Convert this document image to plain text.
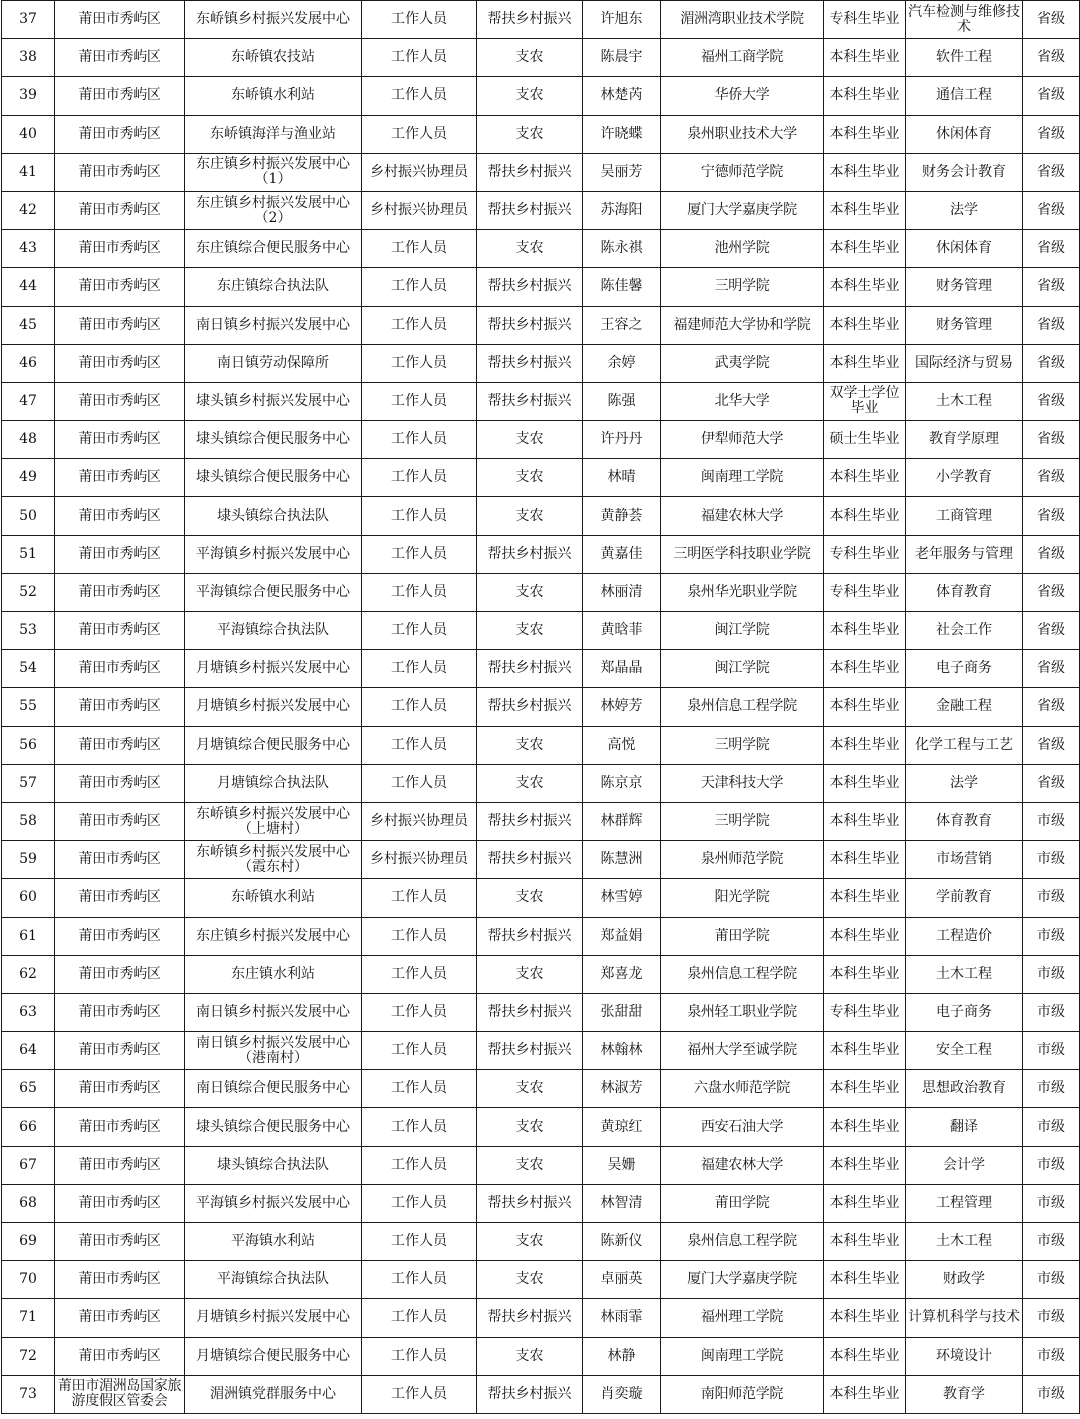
37	莆田市秀屿区	东峤镇乡村振兴发展中心	工作人员	帮扶乡村振兴	许旭东	湄洲湾职业技术学院	专科生毕业	汽车检测与维修技术	省级
38	莆田市秀屿区	东峤镇农技站	工作人员	支农	陈晨宇	福州工商学院	本科生毕业	软件工程	省级
39	莆田市秀屿区	东峤镇水利站	工作人员	支农	林楚芮	华侨大学	本科生毕业	通信工程	省级
40	莆田市秀屿区	东峤镇海洋与渔业站	工作人员	支农	许晓蝶	泉州职业技术大学	本科生毕业	休闲体育	省级
41	莆田市秀屿区	东庄镇乡村振兴发展中心（1）	乡村振兴协理员	帮扶乡村振兴	吴丽芳	宁德师范学院	本科生毕业	财务会计教育	省级
42	莆田市秀屿区	东庄镇乡村振兴发展中心（2）	乡村振兴协理员	帮扶乡村振兴	苏海阳	厦门大学嘉庚学院	本科生毕业	法学	省级
43	莆田市秀屿区	东庄镇综合便民服务中心	工作人员	支农	陈永祺	池州学院	本科生毕业	休闲体育	省级
44	莆田市秀屿区	东庄镇综合执法队	工作人员	帮扶乡村振兴	陈佳馨	三明学院	本科生毕业	财务管理	省级
45	莆田市秀屿区	南日镇乡村振兴发展中心	工作人员	帮扶乡村振兴	王容之	福建师范大学协和学院	本科生毕业	财务管理	省级
46	莆田市秀屿区	南日镇劳动保障所	工作人员	帮扶乡村振兴	余婷	武夷学院	本科生毕业	国际经济与贸易	省级
47	莆田市秀屿区	埭头镇乡村振兴发展中心	工作人员	帮扶乡村振兴	陈强	北华大学	双学士学位毕业	土木工程	省级
48	莆田市秀屿区	埭头镇综合便民服务中心	工作人员	支农	许丹丹	伊犁师范大学	硕士生毕业	教育学原理	省级
49	莆田市秀屿区	埭头镇综合便民服务中心	工作人员	支农	林晴	闽南理工学院	本科生毕业	小学教育	省级
50	莆田市秀屿区	埭头镇综合执法队	工作人员	支农	黄静荟	福建农林大学	本科生毕业	工商管理	省级
51	莆田市秀屿区	平海镇乡村振兴发展中心	工作人员	帮扶乡村振兴	黄嘉佳	三明医学科技职业学院	专科生毕业	老年服务与管理	省级
52	莆田市秀屿区	平海镇综合便民服务中心	工作人员	支农	林丽清	泉州华光职业学院	专科生毕业	体育教育	省级
53	莆田市秀屿区	平海镇综合执法队	工作人员	支农	黄晗菲	闽江学院	本科生毕业	社会工作	省级
54	莆田市秀屿区	月塘镇乡村振兴发展中心	工作人员	帮扶乡村振兴	郑晶晶	闽江学院	本科生毕业	电子商务	省级
55	莆田市秀屿区	月塘镇乡村振兴发展中心	工作人员	帮扶乡村振兴	林婷芳	泉州信息工程学院	本科生毕业	金融工程	省级
56	莆田市秀屿区	月塘镇综合便民服务中心	工作人员	支农	高悦	三明学院	本科生毕业	化学工程与工艺	省级
57	莆田市秀屿区	月塘镇综合执法队	工作人员	支农	陈京京	天津科技大学	本科生毕业	法学	省级
58	莆田市秀屿区	东峤镇乡村振兴发展中心（上塘村）	乡村振兴协理员	帮扶乡村振兴	林群辉	三明学院	本科生毕业	体育教育	市级
59	莆田市秀屿区	东峤镇乡村振兴发展中心（霞东村）	乡村振兴协理员	帮扶乡村振兴	陈慧洲	泉州师范学院	本科生毕业	市场营销	市级
60	莆田市秀屿区	东峤镇水利站	工作人员	支农	林雪婷	阳光学院	本科生毕业	学前教育	市级
61	莆田市秀屿区	东庄镇乡村振兴发展中心	工作人员	帮扶乡村振兴	郑益娟	莆田学院	本科生毕业	工程造价	市级
62	莆田市秀屿区	东庄镇水利站	工作人员	支农	郑喜龙	泉州信息工程学院	本科生毕业	土木工程	市级
63	莆田市秀屿区	南日镇乡村振兴发展中心	工作人员	帮扶乡村振兴	张甜甜	泉州轻工职业学院	专科生毕业	电子商务	市级
64	莆田市秀屿区	南日镇乡村振兴发展中心（港南村）	工作人员	帮扶乡村振兴	林翰林	福州大学至诚学院	本科生毕业	安全工程	市级
65	莆田市秀屿区	南日镇综合便民服务中心	工作人员	支农	林淑芳	六盘水师范学院	本科生毕业	思想政治教育	市级
66	莆田市秀屿区	埭头镇综合便民服务中心	工作人员	支农	黄琼红	西安石油大学	本科生毕业	翻译	市级
67	莆田市秀屿区	埭头镇综合执法队	工作人员	支农	吴姗	福建农林大学	本科生毕业	会计学	市级
68	莆田市秀屿区	平海镇乡村振兴发展中心	工作人员	帮扶乡村振兴	林智清	莆田学院	本科生毕业	工程管理	市级
69	莆田市秀屿区	平海镇水利站	工作人员	支农	陈新仪	泉州信息工程学院	本科生毕业	土木工程	市级
70	莆田市秀屿区	平海镇综合执法队	工作人员	支农	卓丽英	厦门大学嘉庚学院	本科生毕业	财政学	市级
71	莆田市秀屿区	月塘镇乡村振兴发展中心	工作人员	帮扶乡村振兴	林雨霏	福州理工学院	本科生毕业	计算机科学与技术	市级
72	莆田市秀屿区	月塘镇综合便民服务中心	工作人员	支农	林静	闽南理工学院	本科生毕业	环境设计	市级
73	莆田市湄洲岛国家旅游度假区管委会	湄洲镇党群服务中心	工作人员	帮扶乡村振兴	肖奕璇	南阳师范学院	本科生毕业	教育学	市级
